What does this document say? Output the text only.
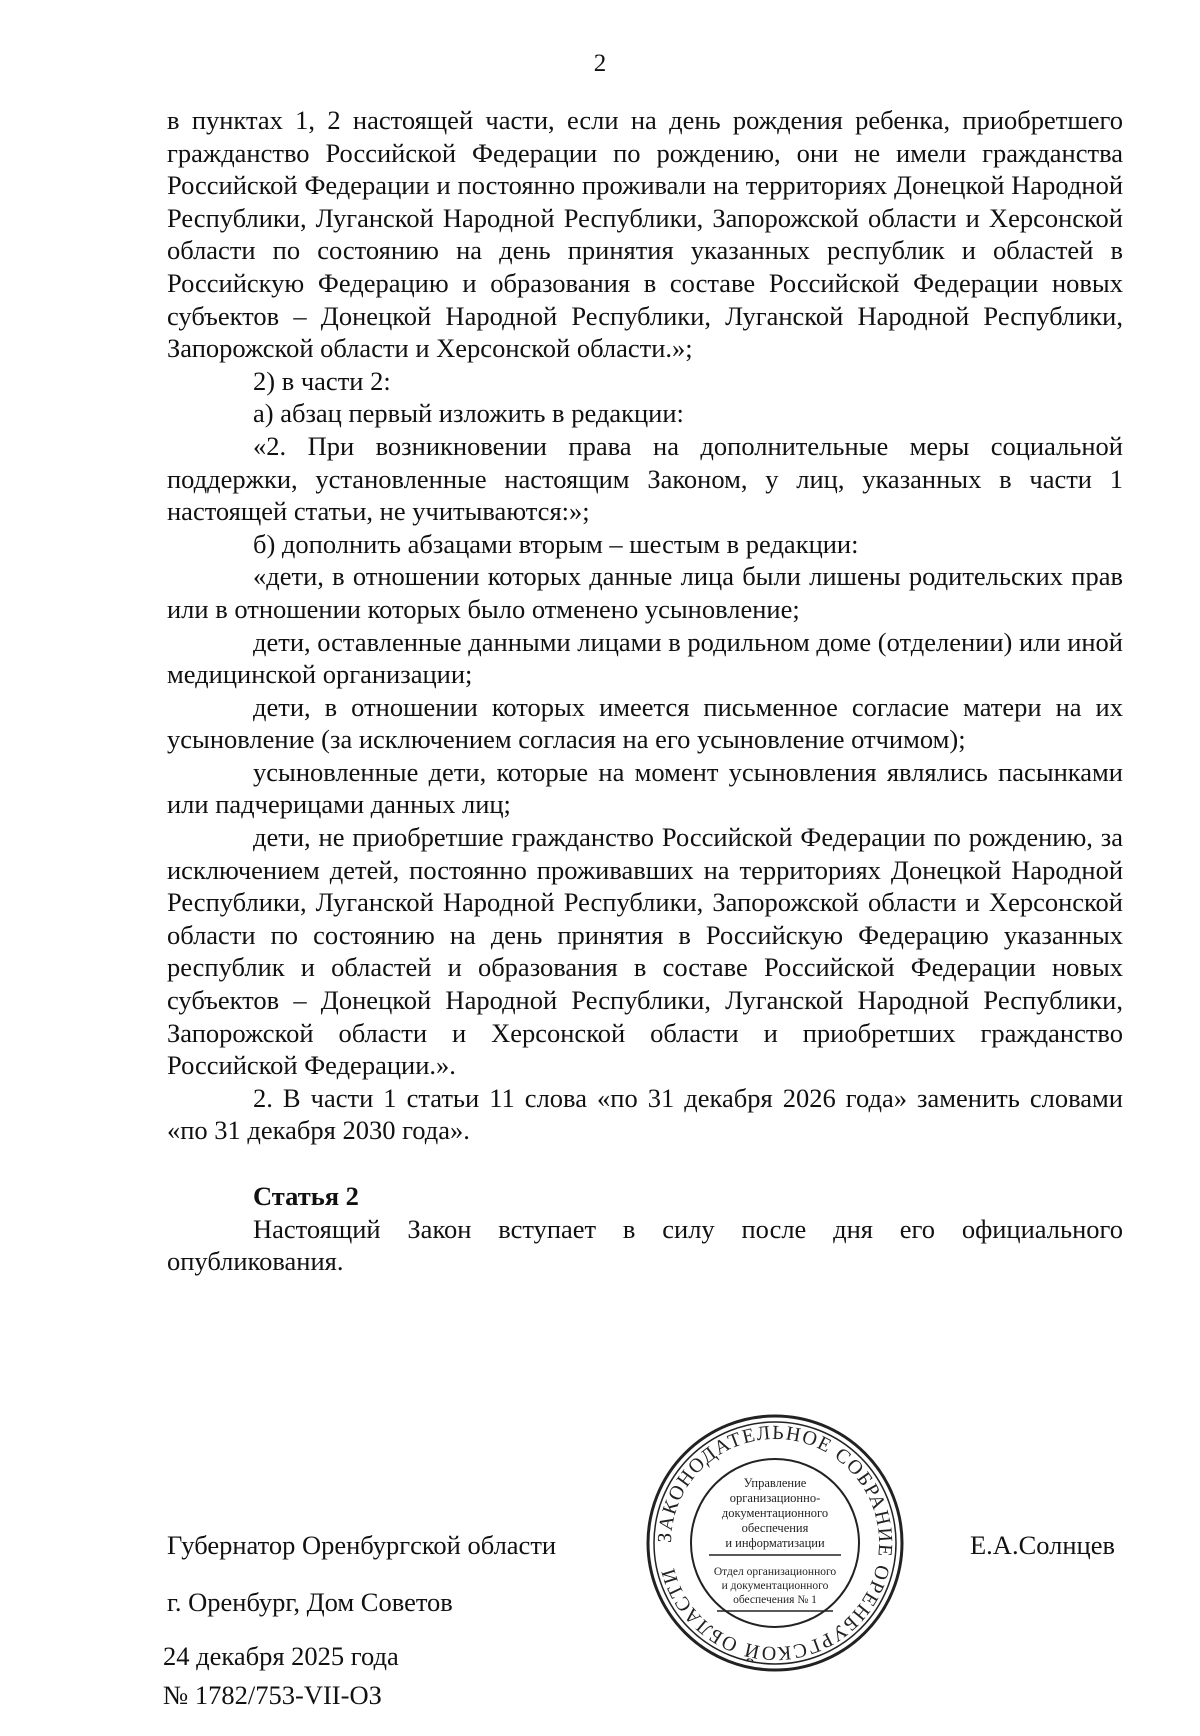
2

в пунктах 1, 2 настоящей части, если на день рождения ребенка, приобретшего гражданство Российской Федерации по рождению, они не имели гражданства Российской Федерации и постоянно проживали на территориях Донецкой Народной Республики, Луганской Народной Республики, Запорожской области и Херсонской области по состоянию на день принятия указанных республик и областей в Российскую Федерацию и образования в составе Российской Федерации новых субъектов – Донецкой Народной Республики, Луганской Народной Республики, Запорожской области и Херсонской области.»;

2) в части 2:

а) абзац первый изложить в редакции:

«2. При возникновении права на дополнительные меры социальной поддержки, установленные настоящим Законом, у лиц, указанных в части 1 настоящей статьи, не учитываются:»;

б) дополнить абзацами вторым – шестым в редакции:

«дети, в отношении которых данные лица были лишены родительских прав или в отношении которых было отменено усыновление;

дети, оставленные данными лицами в родильном доме (отделении) или иной медицинской организации;

дети, в отношении которых имеется письменное согласие матери на их усыновление (за исключением согласия на его усыновление отчимом);

усыновленные дети, которые на момент усыновления являлись пасынками или падчерицами данных лиц;

дети, не приобретшие гражданство Российской Федерации по рождению, за исключением детей, постоянно проживавших на территориях Донецкой Народной Республики, Луганской Народной Республики, Запорожской области и Херсонской области по состоянию на день принятия в Российскую Федерацию указанных республик и областей и образования в составе Российской Федерации новых субъектов – Донецкой Народной Республики, Луганской Народной Республики, Запорожской области и Херсонской области и приобретших гражданство Российской Федерации.».

2. В части 1 статьи 11 слова «по 31 декабря 2026 года» заменить словами «по 31 декабря 2030 года».

Статья 2

Настоящий Закон вступает в силу после дня его официального опубликования.

Губернатор Оренбургской области
г. Оренбург, Дом Советов
24 декабря 2025 года
№ 1782/753-VII-ОЗ
Е.А.Солнцев
ЗАКОНОДАТЕЛЬНОЕ СОБРАНИЕ ОРЕНБУРГСКОЙ ОБЛАСТИ
Управление
организационно-
документационного
обеспечения
и информатизации
Отдел организационного
и документационного
обеспечения № 1
